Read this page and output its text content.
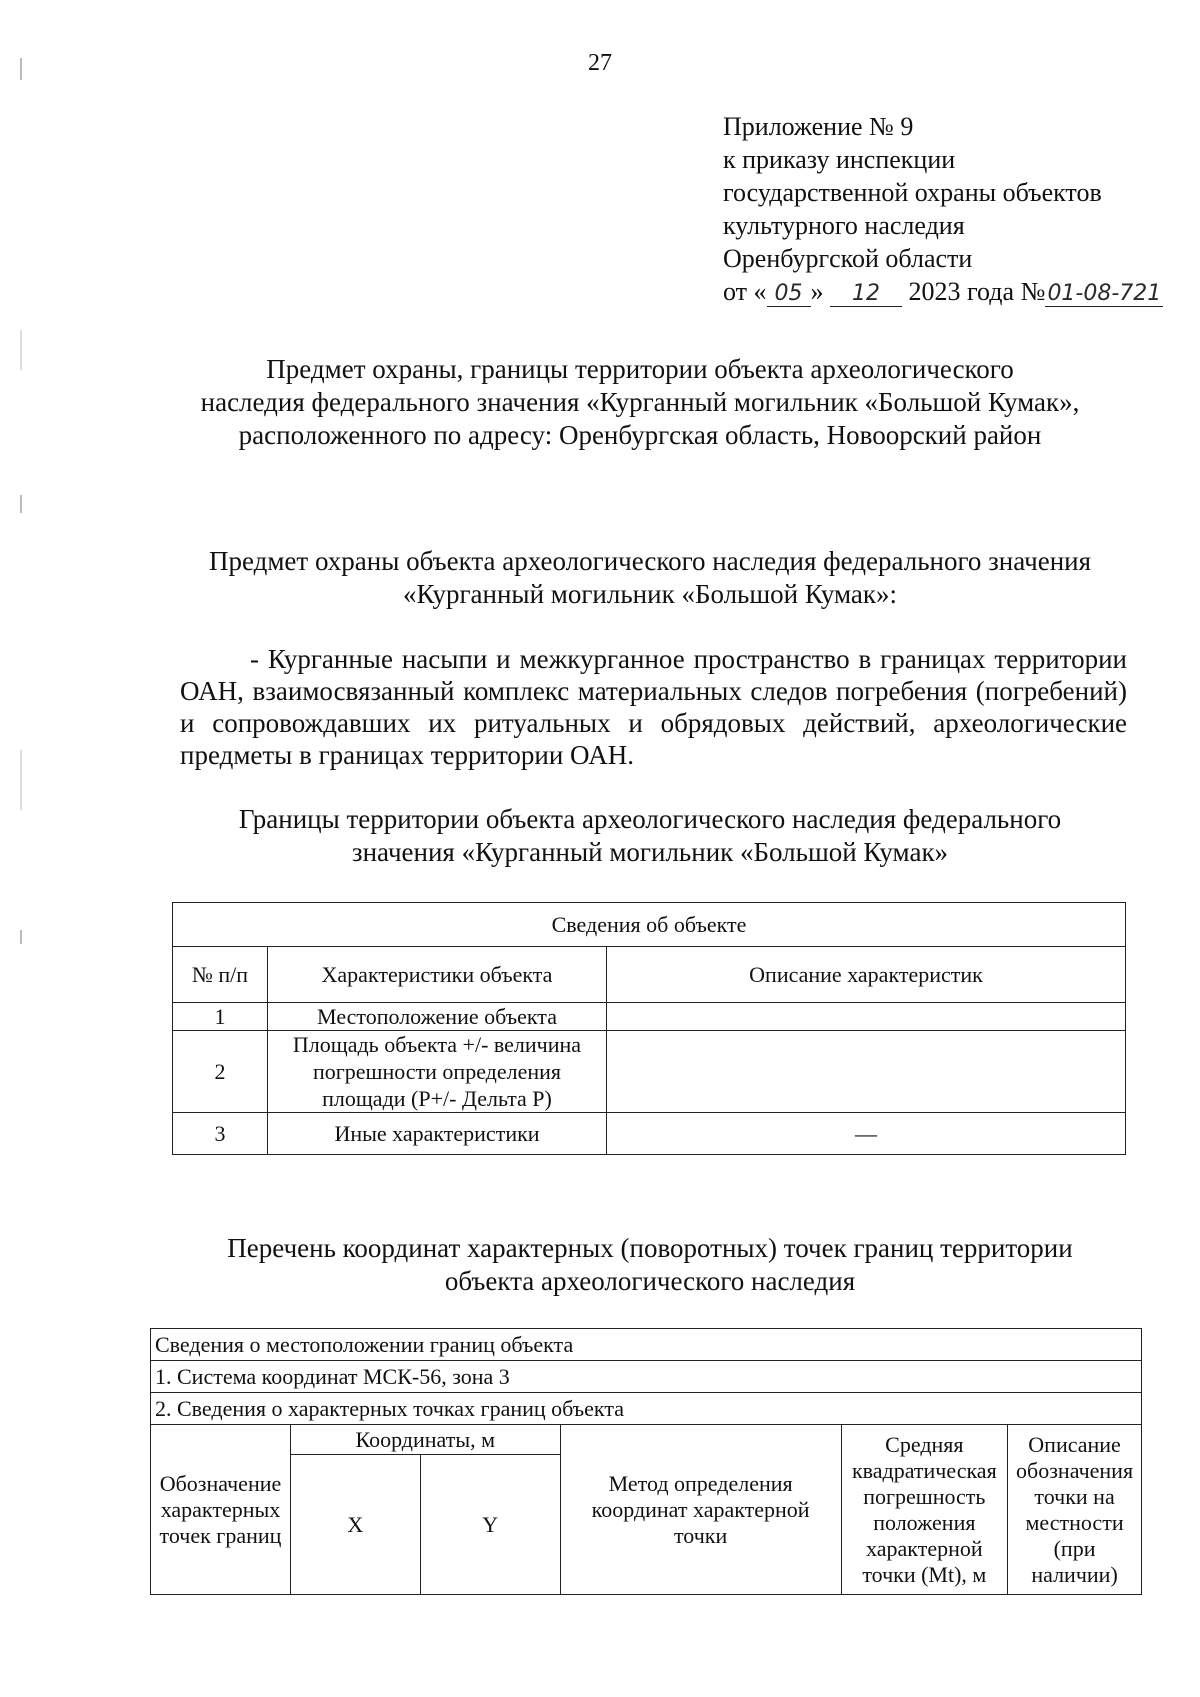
27
Приложение № 9
к приказу инспекции
государственной охраны объектов
культурного наследия
Оренбургской области
от « 05 » 12 2023 года №01-08-721
Предмет охраны, границы территории объекта археологического
наследия федерального значения «Курганный могильник «Большой Кумак»,
расположенного по адресу: Оренбургская область, Новоорский район
Предмет охраны объекта археологического наследия федерального значения
«Курганный могильник «Большой Кумак»:
- Курганные насыпи и межкурганное пространство в границах территории ОАН, взаимосвязанный комплекс материальных следов погребения (погребений) и сопровождавших их ритуальных и обрядовых действий, археологические предметы в границах территории ОАН.
Границы территории объекта археологического наследия федерального
значения «Курганный могильник «Большой Кумак»
Сведения об объекте		
№ п/п	Характеристики объекта	Описание характеристик
1	Местоположение объекта	
2	Площадь объекта +/- величина погрешности определения площади (P+/- Дельта P)	
3	Иные характеристики	—
Перечень координат характерных (поворотных) точек границ территории
объекта археологического наследия
Сведения о местоположении границ объекта					
1. Система координат МСК-56, зона 3					
2. Сведения о характерных точках границ объекта					
Обозначение характерных точек границ	Координаты, м		Метод определения координат характерной точки	Средняя квадратическая погрешность положения характерной точки (Mt), м	Описание обозначения точки на местности (при наличии)
	X	Y			
